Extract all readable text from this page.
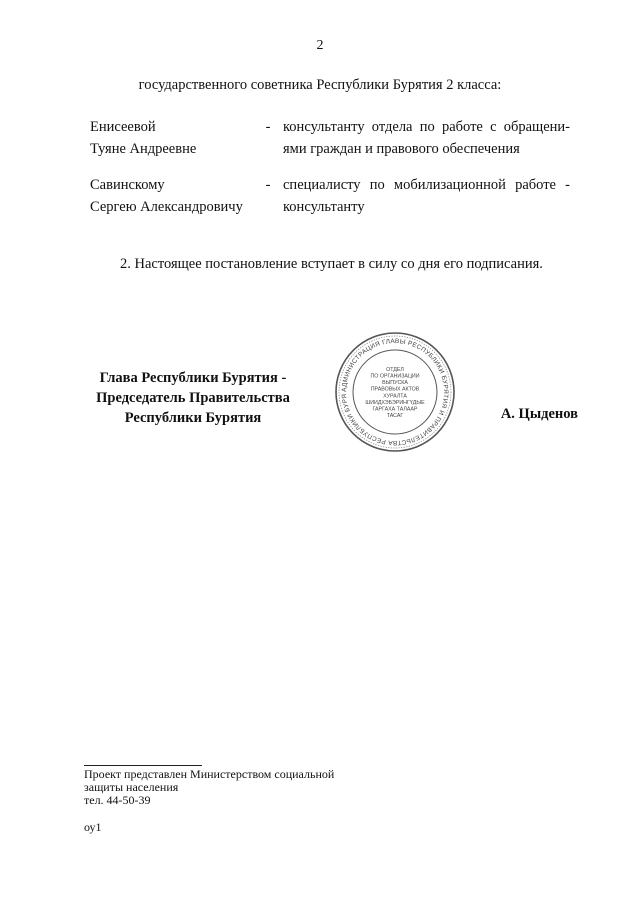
2
государственного советника Республики Бурятия 2 класса:
Енисеевой
Туяне Андреевне
- консультанту отдела по работе с обращени-
ями граждан и правового обеспечения
Савинскому
Сергею Александровичу
- специалисту по мобилизационной работе -
консультанту
2. Настоящее постановление вступает в силу со дня его подписания.
Глава Республики Бурятия -
Председатель Правительства
Республики Бурятия
АДМИНИСТРАЦИЯ ГЛАВЫ РЕСПУБЛИКИ БУРЯТИЯ И ПРАВИТЕЛЬСТВА РЕСПУБЛИКИ БУРЯ
ОТДЕЛ
ПО ОРГАНИЗАЦИИ
ВЫПУСКА
ПРАВОВЫХ АКТОВ
ХУРАЛТА
ШИИДХЭБЭРИНГҮДЫЕ
ГАРГАХА ТАЛААР
ТАСАГ	А. Цыденов
Проект представлен Министерством социальной
защиты населения
тел. 44-50-39
оу1
